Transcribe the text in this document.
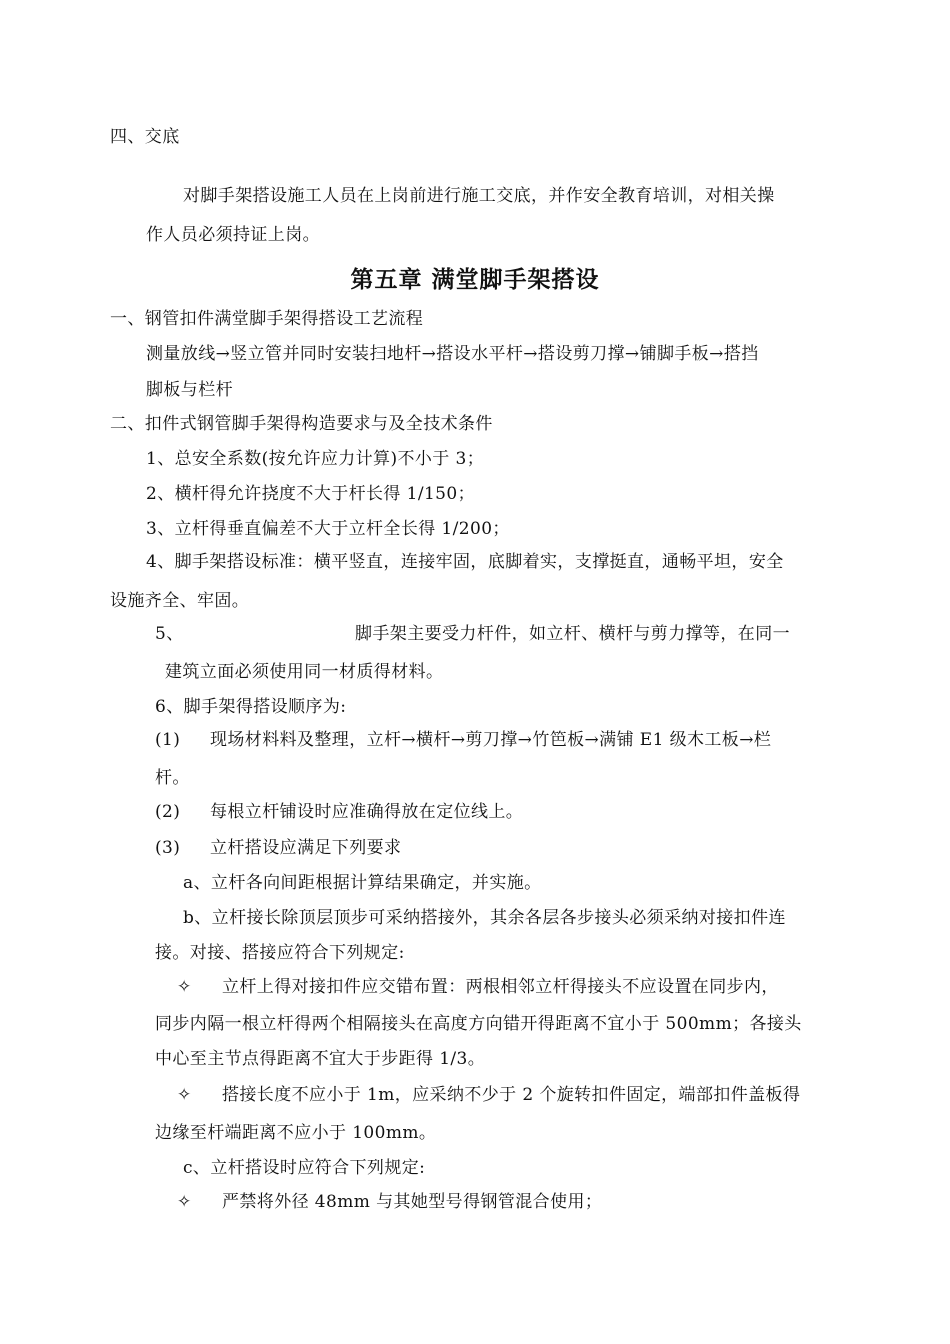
四、交底
对脚手架搭设施工人员在上岗前进行施工交底，并作安全教育培训，对相关操
作人员必须持证上岗。
第五章 满堂脚手架搭设
一、钢管扣件满堂脚手架得搭设工艺流程
测量放线→竖立管并同时安装扫地杆→搭设水平杆→搭设剪刀撑→铺脚手板→搭挡
脚板与栏杆
二、扣件式钢管脚手架得构造要求与及全技术条件
1、总安全系数(按允许应力计算)不小于 3；
2、横杆得允许挠度不大于杆长得 1/150；
3、立杆得垂直偏差不大于立杆全长得 1/200；
4、脚手架搭设标准：横平竖直，连接牢固，底脚着实，支撑挺直，通畅平坦，安全
设施齐全、牢固。
5、	脚手架主要受力杆件，如立杆、横杆与剪力撑等，在同一
建筑立面必须使用同一材质得材料。
6、脚手架得搭设顺序为:
(1) 现场材料料及整理，立杆→横杆→剪刀撑→竹笆板→满铺 E1 级木工板→栏
杆。
(2) 每根立杆铺设时应准确得放在定位线上。
(3) 立杆搭设应满足下列要求
a、立杆各向间距根据计算结果确定，并实施。
b、立杆接长除顶层顶步可采纳搭接外，其余各层各步接头必须采纳对接扣件连
接。对接、搭接应符合下列规定:
✧ 立杆上得对接扣件应交错布置：两根相邻立杆得接头不应设置在同步内，
同步内隔一根立杆得两个相隔接头在高度方向错开得距离不宜小于 500mm；各接头
中心至主节点得距离不宜大于步距得 1/3。
✧ 搭接长度不应小于 1m，应采纳不少于 2 个旋转扣件固定，端部扣件盖板得
边缘至杆端距离不应小于 100mm。
c、立杆搭设时应符合下列规定:
✧ 严禁将外径 48mm 与其她型号得钢管混合使用；
